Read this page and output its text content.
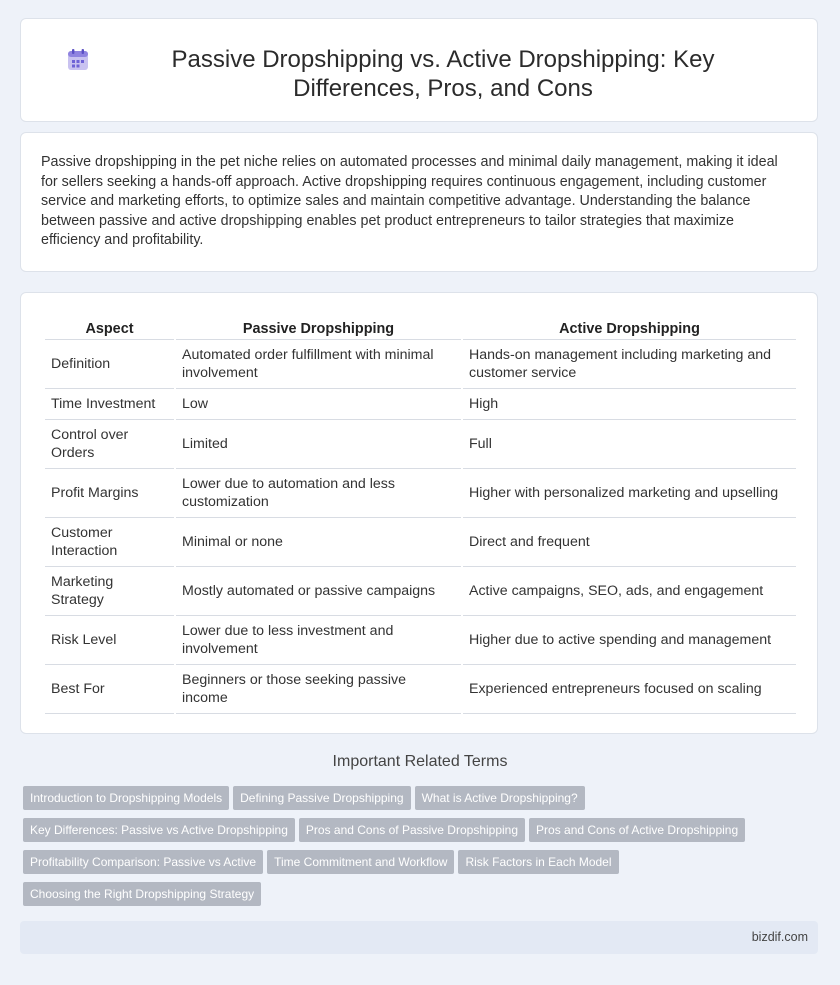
Passive Dropshipping vs. Active Dropshipping: Key Differences, Pros, and Cons

Passive dropshipping in the pet niche relies on automated processes and minimal daily management, making it ideal for sellers seeking a hands-off approach. Active dropshipping requires continuous engagement, including customer service and marketing efforts, to optimize sales and maintain competitive advantage. Understanding the balance between passive and active dropshipping enables pet product entrepreneurs to tailor strategies that maximize efficiency and profitability.

Aspect	Passive Dropshipping	Active Dropshipping
Definition	Automated order fulfillment with minimal involvement	Hands-on management including marketing and customer service
Time Investment	Low	High
Control over Orders	Limited	Full
Profit Margins	Lower due to automation and less customization	Higher with personalized marketing and upselling
Customer Interaction	Minimal or none	Direct and frequent
Marketing Strategy	Mostly automated or passive campaigns	Active campaigns, SEO, ads, and engagement
Risk Level	Lower due to less investment and involvement	Higher due to active spending and management
Best For	Beginners or those seeking passive income	Experienced entrepreneurs focused on scaling
Important Related Terms
Introduction to Dropshipping Models Defining Passive Dropshipping What is Active Dropshipping?
Key Differences: Passive vs Active Dropshipping Pros and Cons of Passive Dropshipping Pros and Cons of Active Dropshipping
Profitability Comparison: Passive vs Active Time Commitment and Workflow Risk Factors in Each Model
Choosing the Right Dropshipping Strategy
bizdif.com
